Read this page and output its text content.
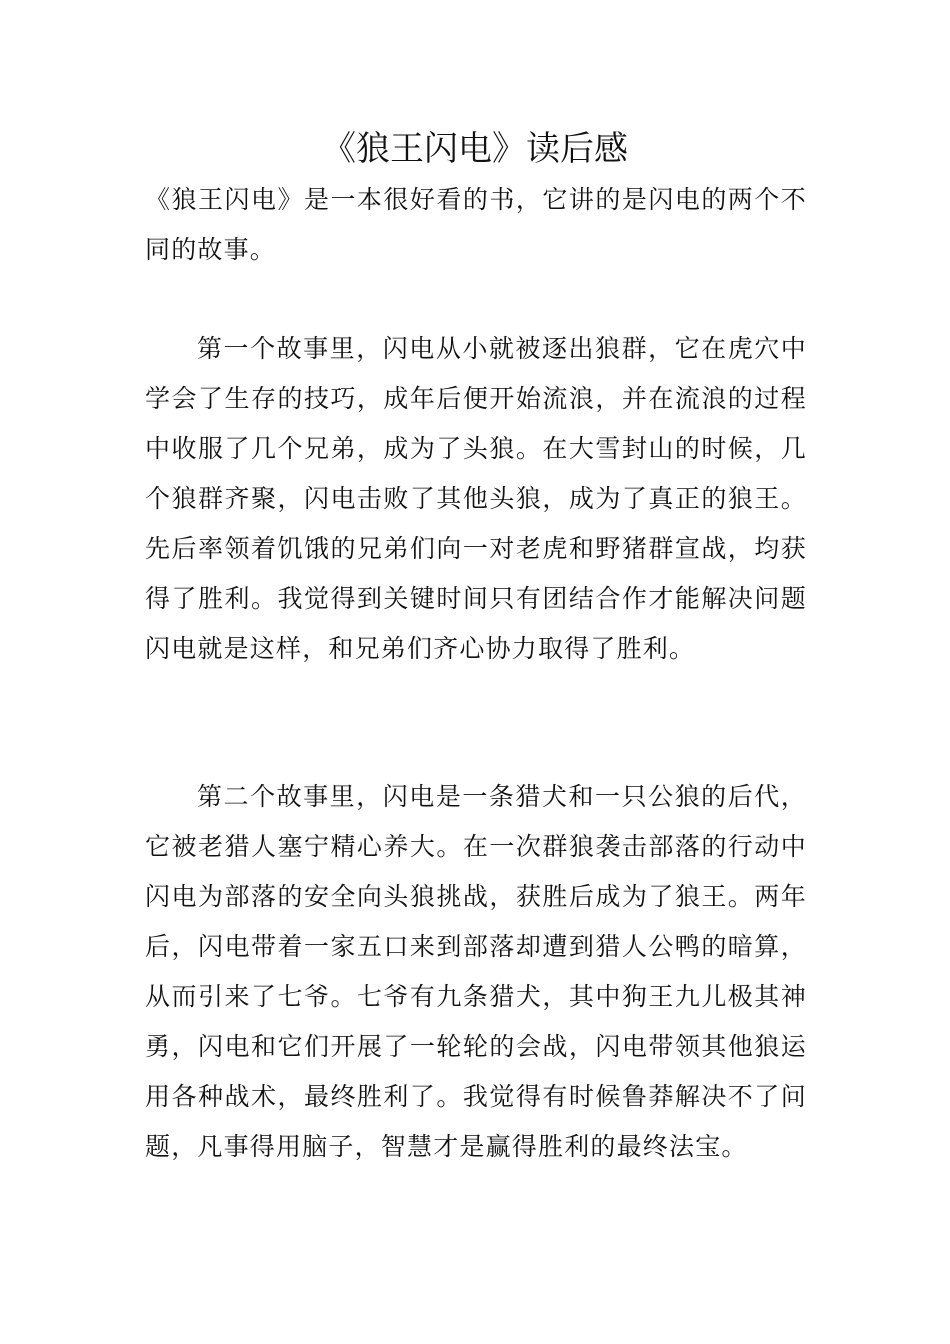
《狼王闪电》读后感

《狼王闪电》是一本很好看的书，它讲的是闪电的两个不同的故事。

第一个故事里，闪电从小就被逐出狼群，它在虎穴中学会了生存的技巧，成年后便开始流浪，并在流浪的过程中收服了几个兄弟，成为了头狼。在大雪封山的时候，几个狼群齐聚，闪电击败了其他头狼，成为了真正的狼王。先后率领着饥饿的兄弟们向一对老虎和野猪群宣战，均获得了胜利。我觉得到关键时间只有团结合作才能解决问题闪电就是这样，和兄弟们齐心协力取得了胜利。

第二个故事里，闪电是一条猎犬和一只公狼的后代，它被老猎人塞宁精心养大。在一次群狼袭击部落的行动中闪电为部落的安全向头狼挑战，获胜后成为了狼王。两年后，闪电带着一家五口来到部落却遭到猎人公鸭的暗算，从而引来了七爷。七爷有九条猎犬，其中狗王九儿极其神勇，闪电和它们开展了一轮轮的会战，闪电带领其他狼运用各种战术，最终胜利了。我觉得有时候鲁莽解决不了问题，凡事得用脑子，智慧才是赢得胜利的最终法宝。
